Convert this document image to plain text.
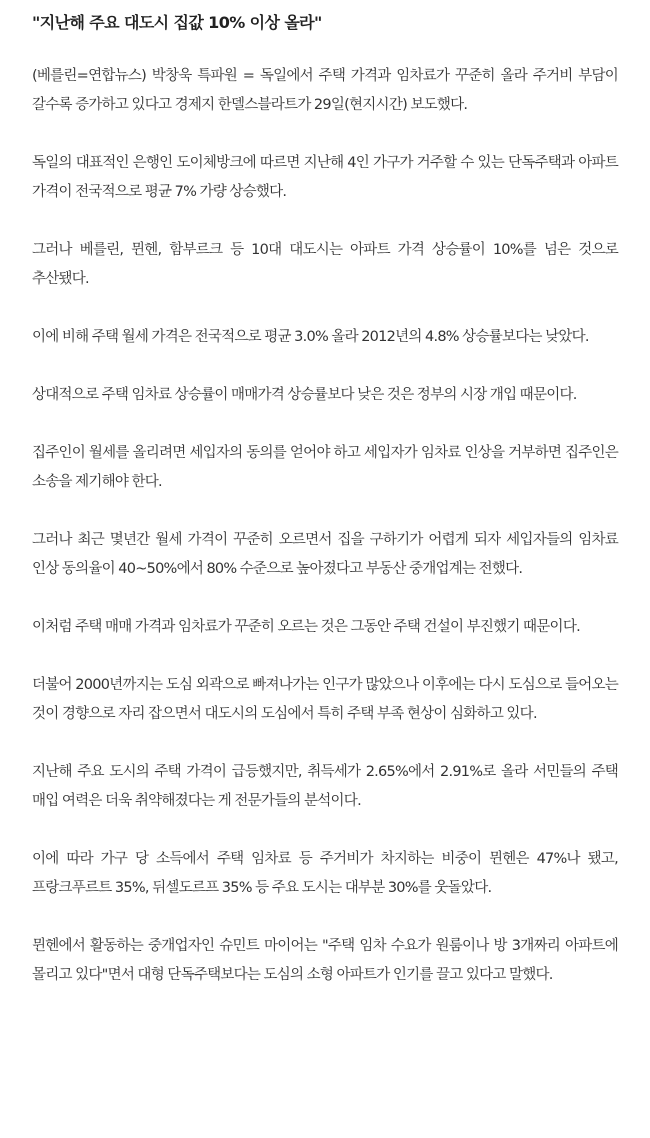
"지난해 주요 대도시 집값 10% 이상 올라"

(베를린=연합뉴스) 박창욱 특파원 = 독일에서 주택 가격과 임차료가 꾸준히 올라 주거비 부담이 갈수록 증가하고 있다고 경제지 한델스블라트가 29일(현지시간) 보도했다.

독일의 대표적인 은행인 도이체방크에 따르면 지난해 4인 가구가 거주할 수 있는 단독주택과 아파트 가격이 전국적으로 평균 7% 가량 상승했다.

그러나 베를린, 뮌헨, 함부르크 등 10대 대도시는 아파트 가격 상승률이 10%를 넘은 것으로 추산됐다.

이에 비해 주택 월세 가격은 전국적으로 평균 3.0% 올라 2012년의 4.8% 상승률보다는 낮았다.

상대적으로 주택 임차료 상승률이 매매가격 상승률보다 낮은 것은 정부의 시장 개입 때문이다.

집주인이 월세를 올리려면 세입자의 동의를 얻어야 하고 세입자가 임차료 인상을 거부하면 집주인은 소송을 제기해야 한다.

그러나 최근 몇년간 월세 가격이 꾸준히 오르면서 집을 구하기가 어렵게 되자 세입자들의 임차료 인상 동의율이 40~50%에서 80% 수준으로 높아졌다고 부동산 중개업계는 전했다.

이처럼 주택 매매 가격과 임차료가 꾸준히 오르는 것은 그동안 주택 건설이 부진했기 때문이다.

더불어 2000년까지는 도심 외곽으로 빠져나가는 인구가 많았으나 이후에는 다시 도심으로 들어오는 것이 경향으로 자리 잡으면서 대도시의 도심에서 특히 주택 부족 현상이 심화하고 있다.

지난해 주요 도시의 주택 가격이 급등했지만, 취득세가 2.65%에서 2.91%로 올라 서민들의 주택 매입 여력은 더욱 취약해졌다는 게 전문가들의 분석이다.

이에 따라 가구 당 소득에서 주택 임차료 등 주거비가 차지하는 비중이 뮌헨은 47%나 됐고, 프랑크푸르트 35%, 뒤셀도르프 35% 등 주요 도시는 대부분 30%를 웃돌았다.

뮌헨에서 활동하는 중개업자인 슈민트 마이어는 "주택 임차 수요가 원룸이나 방 3개짜리 아파트에 몰리고 있다"면서 대형 단독주택보다는 도심의 소형 아파트가 인기를 끌고 있다고 말했다.
